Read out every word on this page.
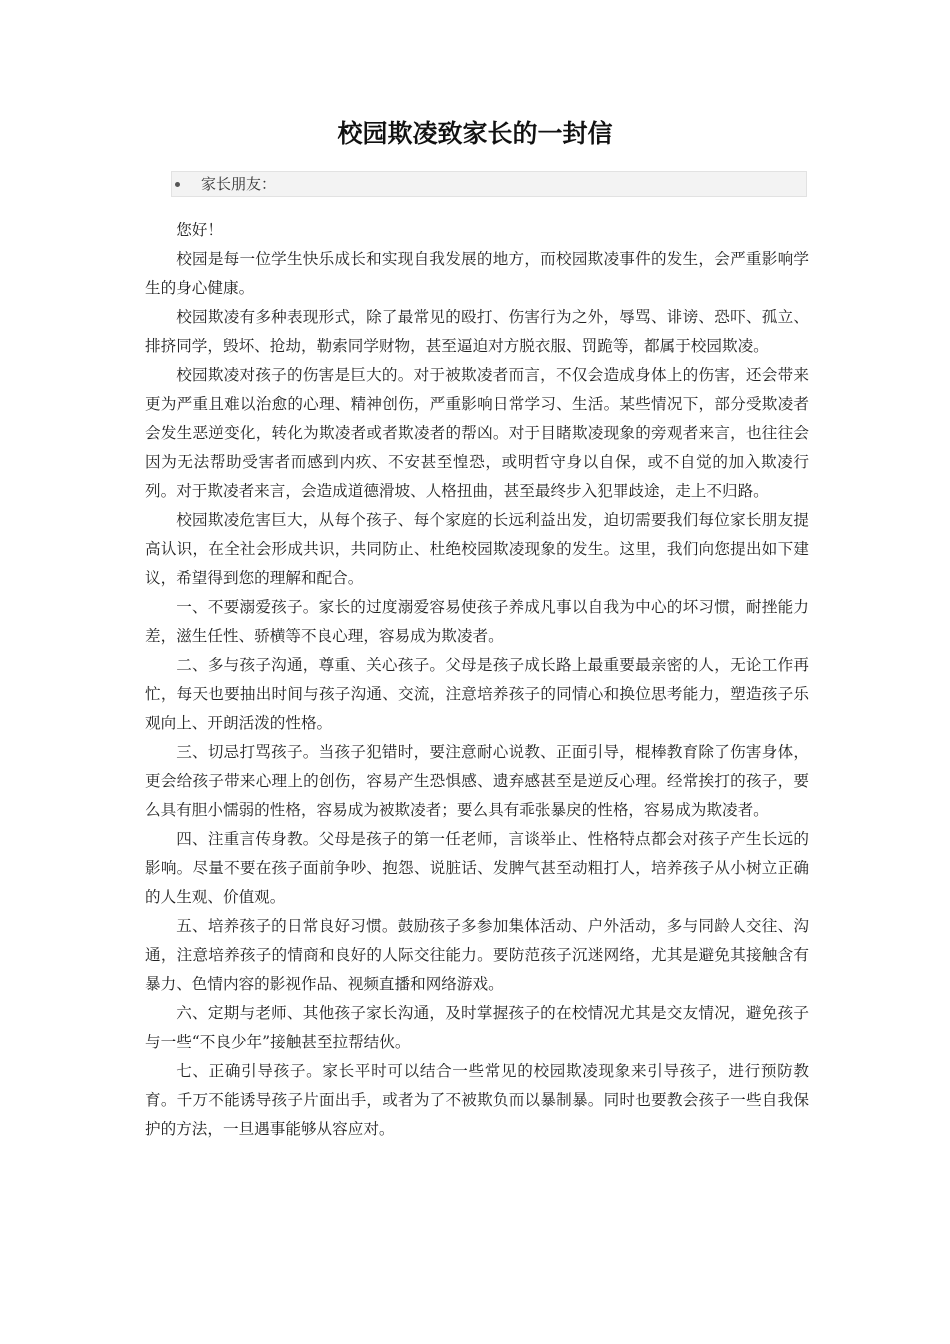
校园欺凌致家长的一封信
家长朋友：

您好！

校园是每一位学生快乐成长和实现自我发展的地方，而校园欺凌事件的发生，会严重影响学生的身心健康。

校园欺凌有多种表现形式，除了最常见的殴打、伤害行为之外，辱骂、诽谤、恐吓、孤立、排挤同学，毁坏、抢劫，勒索同学财物，甚至逼迫对方脱衣服、罚跪等，都属于校园欺凌。

校园欺凌对孩子的伤害是巨大的。对于被欺凌者而言，不仅会造成身体上的伤害，还会带来更为严重且难以治愈的心理、精神创伤，严重影响日常学习、生活。某些情况下，部分受欺凌者会发生恶逆变化，转化为欺凌者或者欺凌者的帮凶。对于目睹欺凌现象的旁观者来言，也往往会因为无法帮助受害者而感到内疚、不安甚至惶恐，或明哲守身以自保，或不自觉的加入欺凌行列。对于欺凌者来言，会造成道德滑坡、人格扭曲，甚至最终步入犯罪歧途，走上不归路。

校园欺凌危害巨大，从每个孩子、每个家庭的长远利益出发，迫切需要我们每位家长朋友提高认识，在全社会形成共识，共同防止、杜绝校园欺凌现象的发生。这里，我们向您提出如下建议，希望得到您的理解和配合。

一、不要溺爱孩子。家长的过度溺爱容易使孩子养成凡事以自我为中心的坏习惯，耐挫能力差，滋生任性、骄横等不良心理，容易成为欺凌者。

二、多与孩子沟通，尊重、关心孩子。父母是孩子成长路上最重要最亲密的人，无论工作再忙，每天也要抽出时间与孩子沟通、交流，注意培养孩子的同情心和换位思考能力，塑造孩子乐观向上、开朗活泼的性格。

三、切忌打骂孩子。当孩子犯错时，要注意耐心说教、正面引导，棍棒教育除了伤害身体，更会给孩子带来心理上的创伤，容易产生恐惧感、遗弃感甚至是逆反心理。经常挨打的孩子，要么具有胆小懦弱的性格，容易成为被欺凌者；要么具有乖张暴戾的性格，容易成为欺凌者。

四、注重言传身教。父母是孩子的第一任老师，言谈举止、性格特点都会对孩子产生长远的影响。尽量不要在孩子面前争吵、抱怨、说脏话、发脾气甚至动粗打人，培养孩子从小树立正确的人生观、价值观。

五、培养孩子的日常良好习惯。鼓励孩子多参加集体活动、户外活动，多与同龄人交往、沟通，注意培养孩子的情商和良好的人际交往能力。要防范孩子沉迷网络，尤其是避免其接触含有暴力、色情内容的影视作品、视频直播和网络游戏。

六、定期与老师、其他孩子家长沟通，及时掌握孩子的在校情况尤其是交友情况，避免孩子与一些“不良少年”接触甚至拉帮结伙。

七、正确引导孩子。家长平时可以结合一些常见的校园欺凌现象来引导孩子，进行预防教育。千万不能诱导孩子片面出手，或者为了不被欺负而以暴制暴。同时也要教会孩子一些自我保护的方法，一旦遇事能够从容应对。
